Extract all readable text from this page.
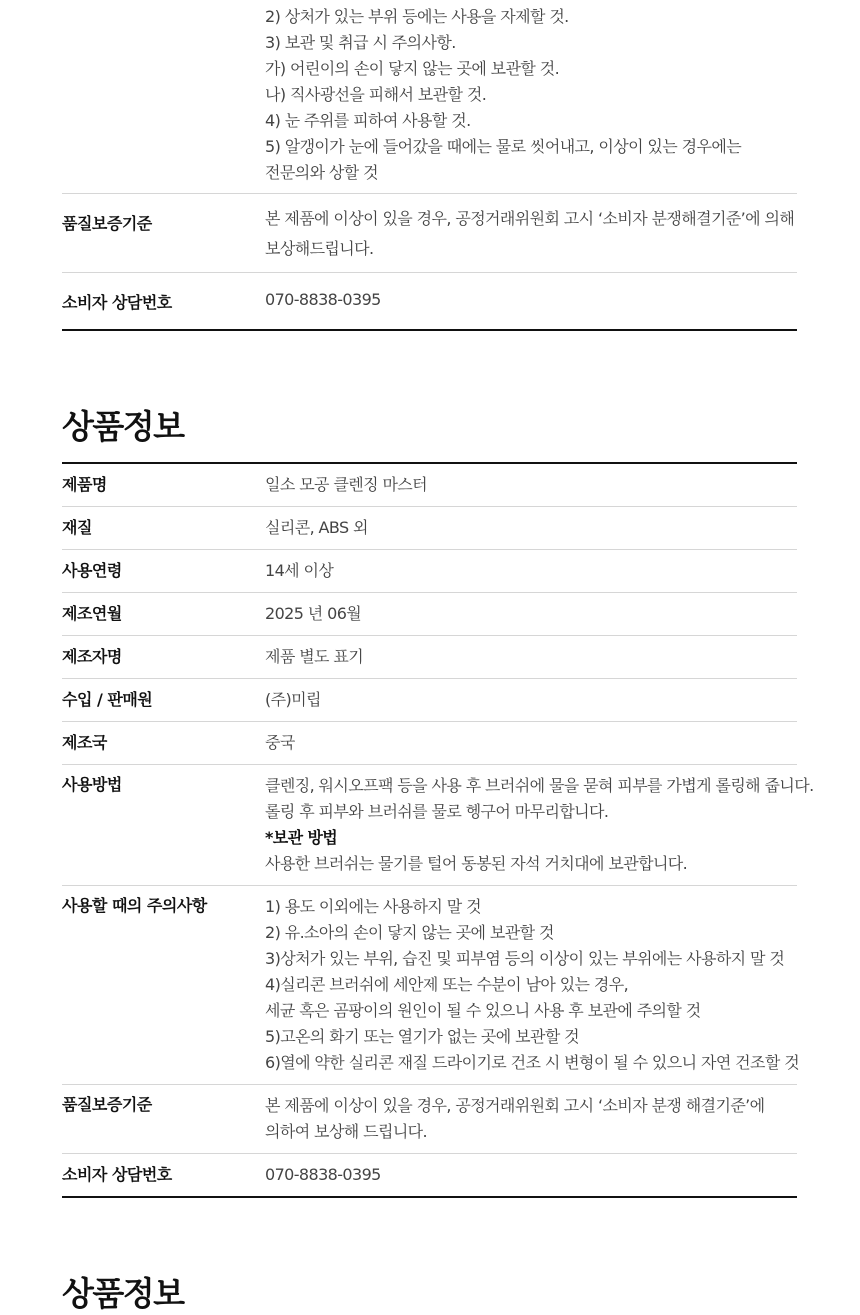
2) 상처가 있는 부위 등에는 사용을 자제할 것.
3) 보관 및 취급 시 주의사항.
가) 어린이의 손이 닿지 않는 곳에 보관할 것.
나) 직사광선을 피해서 보관할 것.
4) 눈 주위를 피하여 사용할 것.
5) 알갱이가 눈에 들어갔을 때에는 물로 씻어내고, 이상이 있는 경우에는
전문의와 상할 것
품질보증기준	본 제품에 이상이 있을 경우, 공정거래위원회 고시 ‘소비자 분쟁해결기준’에 의해
보상해드립니다.
소비자 상담번호	070-8838-0395
상품정보
제품명	일소 모공 클렌징 마스터
재질	실리콘, ABS 외
사용연령	14세 이상
제조연월	2025 년 06월
제조자명	제품 별도 표기
수입 / 판매원	(주)미립
제조국	중국
사용방법	클렌징, 워시오프팩 등을 사용 후 브러쉬에 물을 묻혀 피부를 가볍게 롤링해 줍니다.
롤링 후 피부와 브러쉬를 물로 헹구어 마무리합니다.
*보관 방법
사용한 브러쉬는 물기를 털어 동봉된 자석 거치대에 보관합니다.
사용할 때의 주의사항	1) 용도 이외에는 사용하지 말 것
2) 유.소아의 손이 닿지 않는 곳에 보관할 것
3)상처가 있는 부위, 습진 및 피부염 등의 이상이 있는 부위에는 사용하지 말 것
4)실리콘 브러쉬에 세안제 또는 수분이 남아 있는 경우,
세균 혹은 곰팡이의 원인이 될 수 있으니 사용 후 보관에 주의할 것
5)고온의 화기 또는 열기가 없는 곳에 보관할 것
6)열에 약한 실리콘 재질 드라이기로 건조 시 변형이 될 수 있으니 자연 건조할 것
품질보증기준	본 제품에 이상이 있을 경우, 공정거래위원회 고시 ‘소비자 분쟁 해결기준’에
의하여 보상해 드립니다.
소비자 상담번호	070-8838-0395
상품정보
